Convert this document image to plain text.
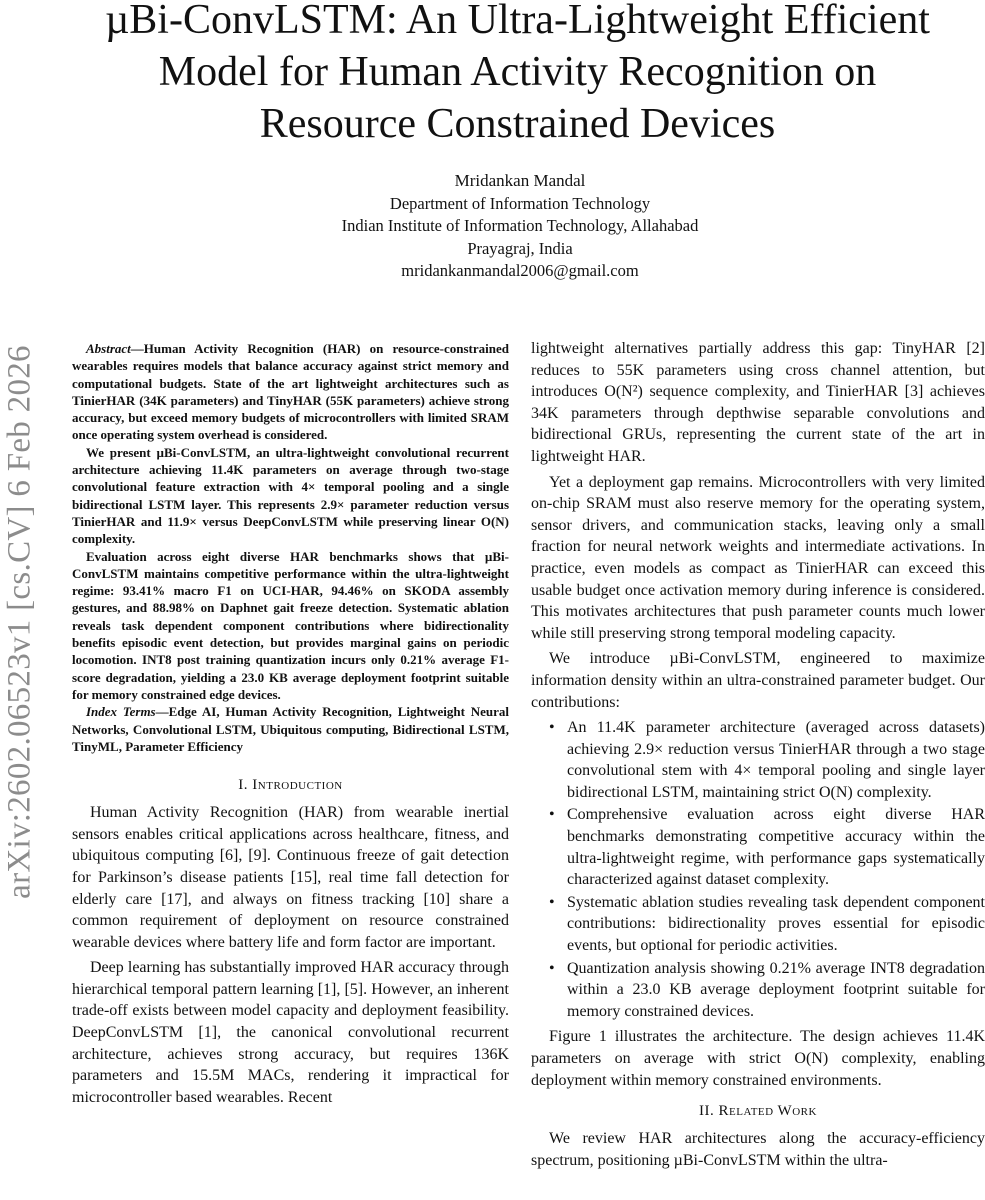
µBi-ConvLSTM: An Ultra-Lightweight Efficient
Model for Human Activity Recognition on
Resource Constrained Devices
Mridankan Mandal
Department of Information Technology
Indian Institute of Information Technology, Allahabad
Prayagraj, India
mridankanmandal2006@gmail.com
arXiv:2602.06523v1 [cs.CV] 6 Feb 2026	Abstract—Human Activity Recognition (HAR) on resource-constrained wearables requires models that balance accuracy against strict memory and computational budgets. State of the art lightweight architectures such as TinierHAR (34K parameters) and TinyHAR (55K parameters) achieve strong accuracy, but exceed memory budgets of microcontrollers with limited SRAM once operating system overhead is considered.

We present µBi-ConvLSTM, an ultra-lightweight convolutional recurrent architecture achieving 11.4K parameters on average through two-stage convolutional feature extraction with 4× temporal pooling and a single bidirectional LSTM layer. This represents 2.9× parameter reduction versus TinierHAR and 11.9× versus DeepConvLSTM while preserving linear O(N) complexity.

Evaluation across eight diverse HAR benchmarks shows that µBi-ConvLSTM maintains competitive performance within the ultra-lightweight regime: 93.41% macro F1 on UCI-HAR, 94.46% on SKODA assembly gestures, and 88.98% on Daphnet gait freeze detection. Systematic ablation reveals task dependent component contributions where bidirectionality benefits episodic event detection, but provides marginal gains on periodic locomotion. INT8 post training quantization incurs only 0.21% average F1-score degradation, yielding a 23.0 KB average deployment footprint suitable for memory constrained edge devices.

Index Terms—Edge AI, Human Activity Recognition, Lightweight Neural Networks, Convolutional LSTM, Ubiquitous computing, Bidirectional LSTM, TinyML, Parameter Efficiency

I. Introduction

Human Activity Recognition (HAR) from wearable inertial sensors enables critical applications across healthcare, fitness, and ubiquitous computing [6], [9]. Continuous freeze of gait detection for Parkinson’s disease patients [15], real time fall detection for elderly care [17], and always on fitness tracking [10] share a common requirement of deployment on resource constrained wearable devices where battery life and form factor are important.

Deep learning has substantially improved HAR accuracy through hierarchical temporal pattern learning [1], [5]. However, an inherent trade-off exists between model capacity and deployment feasibility. DeepConvLSTM [1], the canonical convolutional recurrent architecture, achieves strong accuracy, but requires 136K parameters and 15.5M MACs, rendering it impractical for microcontroller based wearables. Recent

lightweight alternatives partially address this gap: TinyHAR [2] reduces to 55K parameters using cross channel attention, but introduces O(N²) sequence complexity, and TinierHAR [3] achieves 34K parameters through depthwise separable convolutions and bidirectional GRUs, representing the current state of the art in lightweight HAR.

Yet a deployment gap remains. Microcontrollers with very limited on-chip SRAM must also reserve memory for the operating system, sensor drivers, and communication stacks, leaving only a small fraction for neural network weights and intermediate activations. In practice, even models as compact as TinierHAR can exceed this usable budget once activation memory during inference is considered. This motivates architectures that push parameter counts much lower while still preserving strong temporal modeling capacity.

We introduce µBi-ConvLSTM, engineered to maximize information density within an ultra-constrained parameter budget. Our contributions:

• An 11.4K parameter architecture (averaged across datasets) achieving 2.9× reduction versus TinierHAR through a two stage convolutional stem with 4× temporal pooling and single layer bidirectional LSTM, maintaining strict O(N) complexity.
• Comprehensive evaluation across eight diverse HAR benchmarks demonstrating competitive accuracy within the ultra-lightweight regime, with performance gaps systematically characterized against dataset complexity.
• Systematic ablation studies revealing task dependent component contributions: bidirectionality proves essential for episodic events, but optional for periodic activities.
• Quantization analysis showing 0.21% average INT8 degradation within a 23.0 KB average deployment footprint suitable for memory constrained devices.

Figure 1 illustrates the architecture. The design achieves 11.4K parameters on average with strict O(N) complexity, enabling deployment within memory constrained environments.

II. Related Work

We review HAR architectures along the accuracy-efficiency spectrum, positioning µBi-ConvLSTM within the ultra-
